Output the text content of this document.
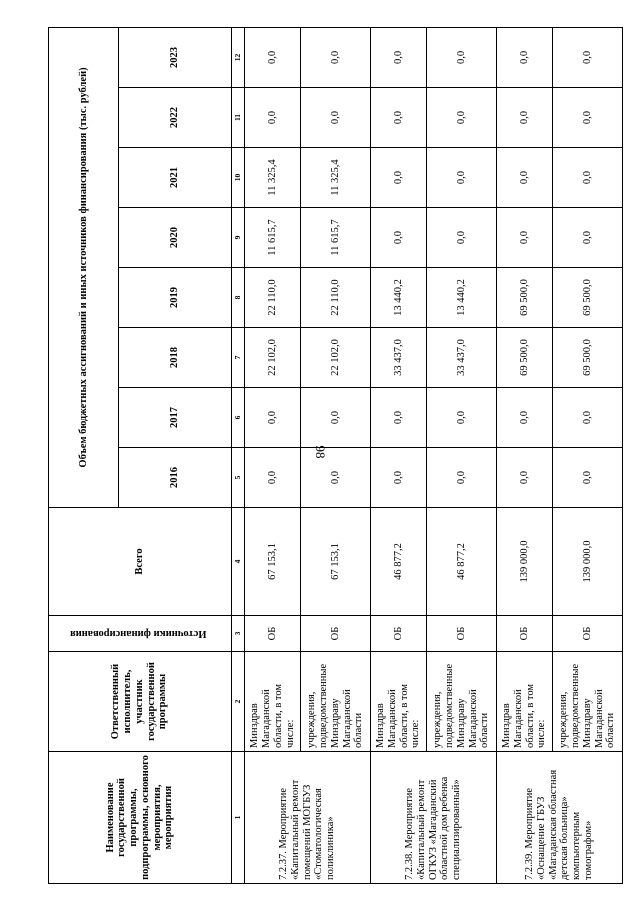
98
Наименование государственной программы, подпрограммы, основного мероприятия, мероприятия	Ответственный исполнитель, участник государственной программы	Источники финансирования	Всего	Объем бюджетных ассигнований и иных источников финансирования (тыс. рублей)							
				2016	2017	2018	2019	2020	2021	2022	2023
1	2	3	4	5	6	7	8	9	10	11	12
7.2.37. Мероприятие «Капитальный ремонт помещений МОГБУЗ «Стоматологическая поликлиника»	Минздрав Магаданской области, в том числе:	ОБ	67 153,1	0,0	0,0	22 102,0	22 110,0	11 615,7	11 325,4	0,0	0,0
	учреждения, подведомственные Минздраву Магаданской области	ОБ	67 153,1	0,0	0,0	22 102,0	22 110,0	11 615,7	11 325,4	0,0	0,0
7.2.38. Мероприятие «Капитальный ремонт ОГКУЗ «Магаданский областной дом ребенка специализированный»	Минздрав Магаданской области, в том числе:	ОБ	46 877,2	0,0	0,0	33 437,0	13 440,2	0,0	0,0	0,0	0,0
	учреждения, подведомственные Минздраву Магаданской области	ОБ	46 877,2	0,0	0,0	33 437,0	13 440,2	0,0	0,0	0,0	0,0
7.2.39. Мероприятие «Оснащение ГБУЗ «Магаданская областная детская больница» компьютерным томографом»	Минздрав Магаданской области, в том числе:	ОБ	139 000,0	0,0	0,0	69 500,0	69 500,0	0,0	0,0	0,0	0,0
	учреждения, подведомственные Минздраву Магаданской области	ОБ	139 000,0	0,0	0,0	69 500,0	69 500,0	0,0	0,0	0,0	0,0
